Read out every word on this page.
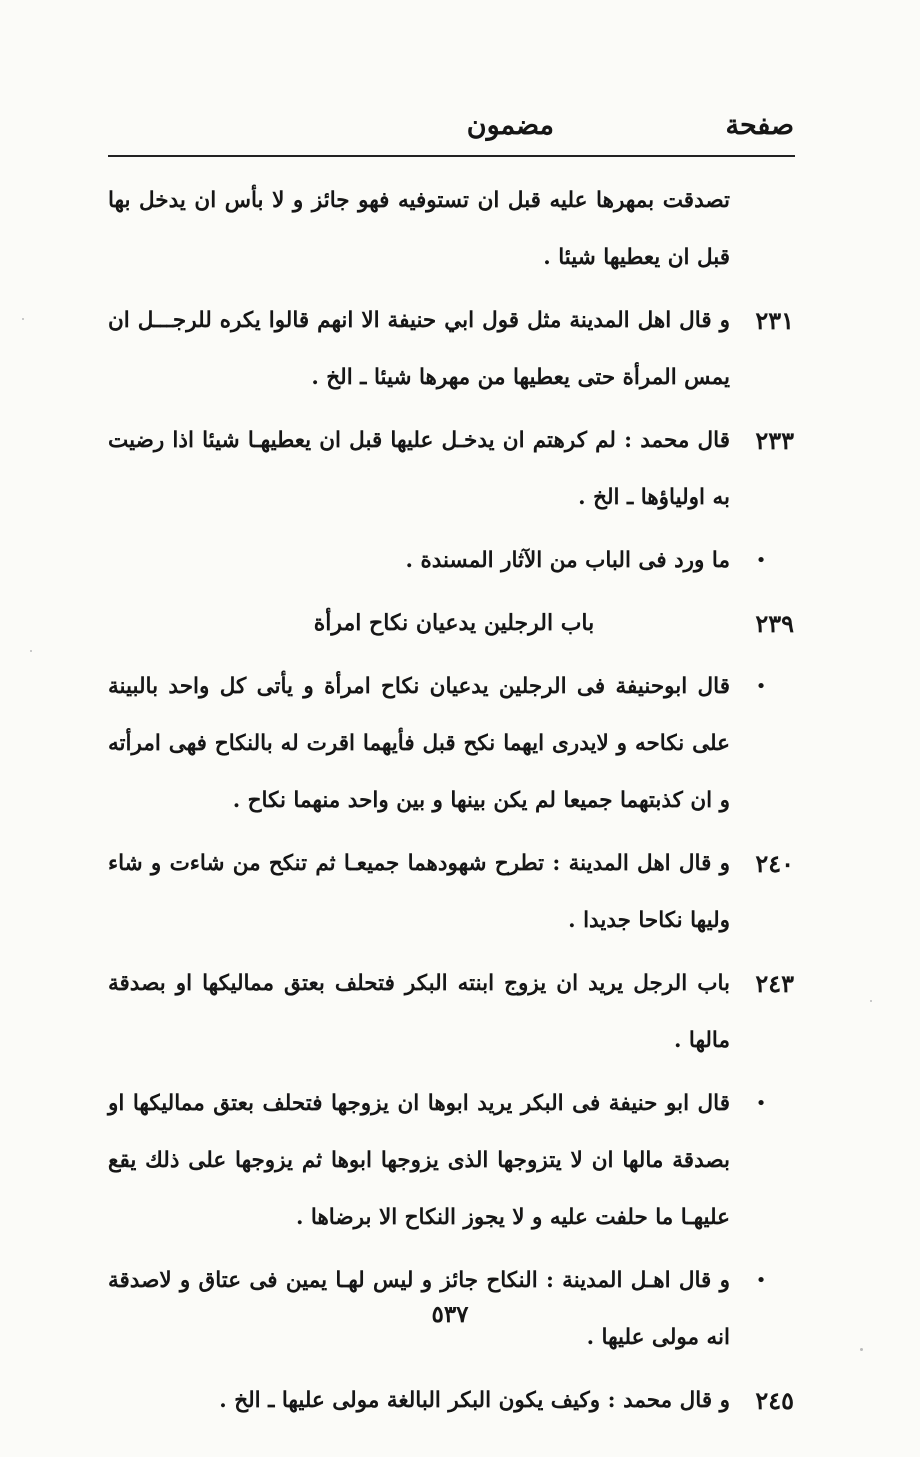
صفحة
مضمون
تصدقت بمهرها عليه قبل ان تستوفيه فهو جائز و لا بأس ان يدخل بها قبل ان يعطيها شيئا .
٢٣١
و قال اهل المدينة مثل قول ابي حنيفة الا انهم قالوا يكره للرجـــل ان يمس المرأة حتى يعطيها من مهرها شيئا ـ الخ .
٢٣٣
قال محمد : لم كرهتم ان يدخـل عليها قبل ان يعطيهـا شيئا اذا رضيت به اولياؤها ـ الخ .
•
ما ورد فى الباب من الآثار المسندة .
٢٣٩
باب الرجلين يدعيان نكاح امرأة
•
قال ابوحنيفة فى الرجلين يدعيان نكاح امرأة و يأتى كل واحد بالبينة على نكاحه و لايدرى ايهما نكح قبل فأيهما اقرت له بالنكاح فهى امرأته و ان كذبتهما جميعا لم يكن بينها و بين واحد منهما نكاح .
٢٤٠
و قال اهل المدينة : تطرح شهودهما جميعـا ثم تنكح من شاءت و شاء وليها نكاحا جديدا .
٢٤٣
باب الرجل يريد ان يزوج ابنته البكر فتحلف بعتق مماليكها او بصدقة مالها .
•
قال ابو حنيفة فى البكر يريد ابوها ان يزوجها فتحلف بعتق مماليكها او بصدقة مالها ان لا يتزوجها الذى يزوجها ابوها ثم يزوجها على ذلك يقع عليهـا ما حلفت عليه و لا يجوز النكاح الا برضاها .
•
و قال اهـل المدينة : النكاح جائز و ليس لهـا يمين فى عتاق و لاصدقة انه مولى عليها .
٢٤٥
و قال محمد : وكيف يكون البكر البالغة مولى عليها ـ الخ .
٥٣٧
